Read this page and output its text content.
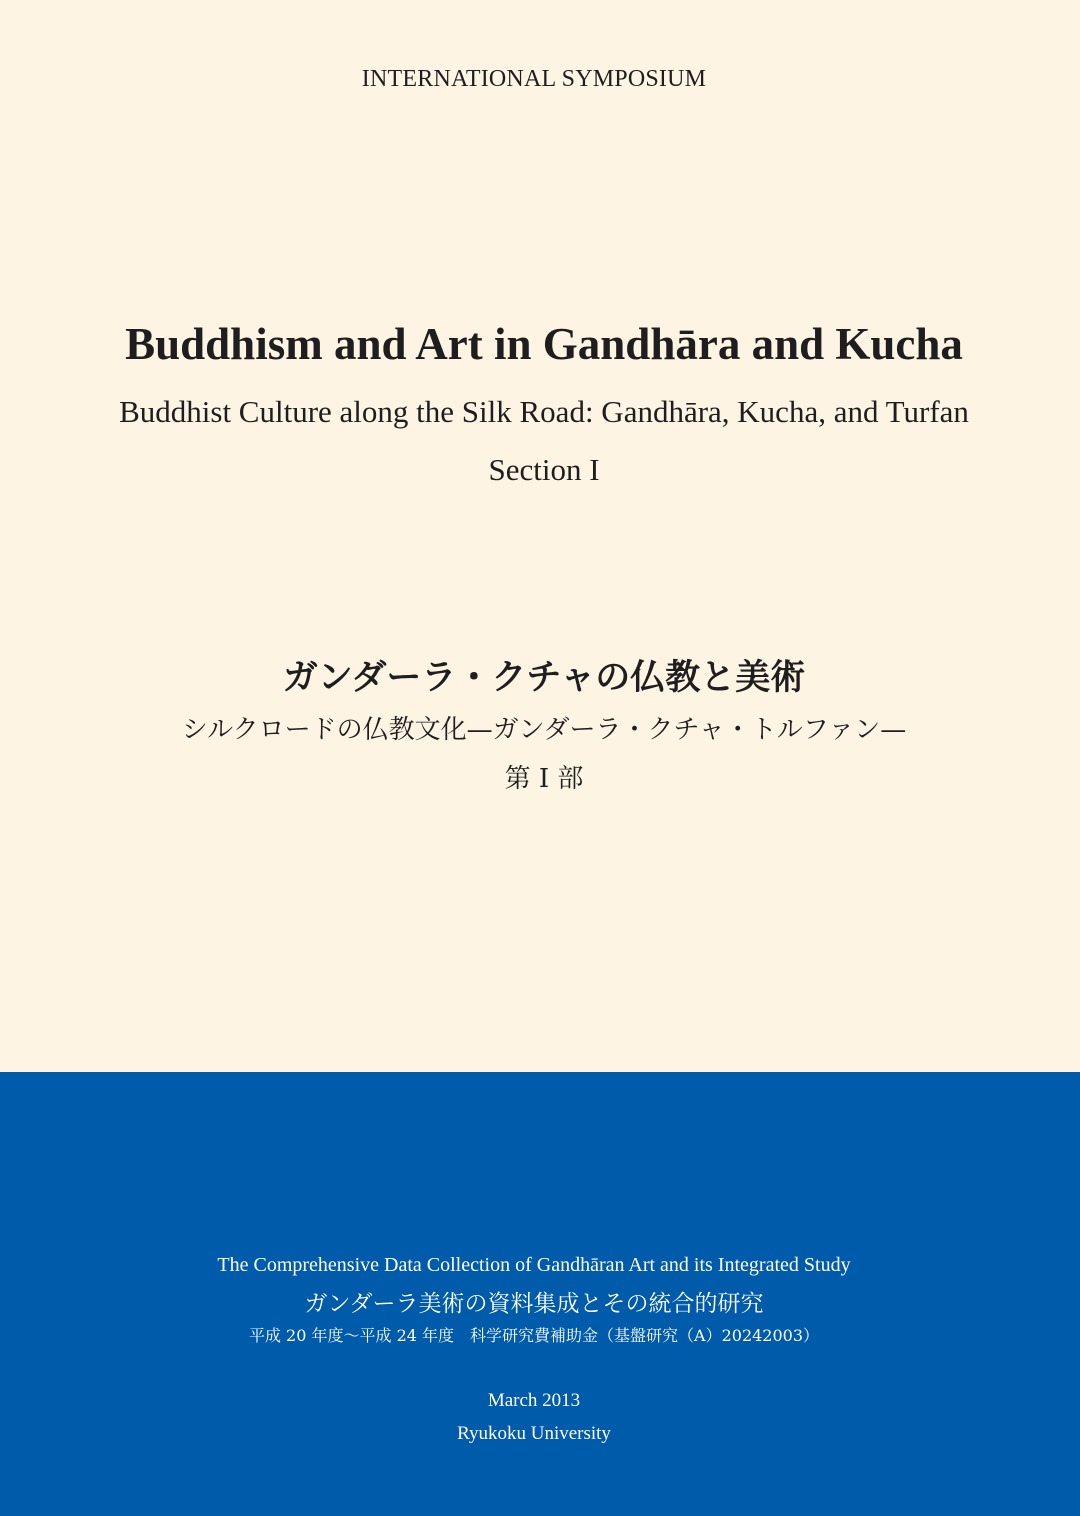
INTERNATIONAL SYMPOSIUM
Buddhism and Art in Gandhāra and Kucha
Buddhist Culture along the Silk Road: Gandhāra, Kucha, and Turfan
Section I
ガンダーラ・クチャの仏教と美術
シルクロードの仏教文化—ガンダーラ・クチャ・トルファン—
第 I 部
The Comprehensive Data Collection of Gandhāran Art and its Integrated Study
ガンダーラ美術の資料集成とその統合的研究
平成 20 年度〜平成 24 年度　科学研究費補助金（基盤研究（A）20242003）
March 2013
Ryukoku University
